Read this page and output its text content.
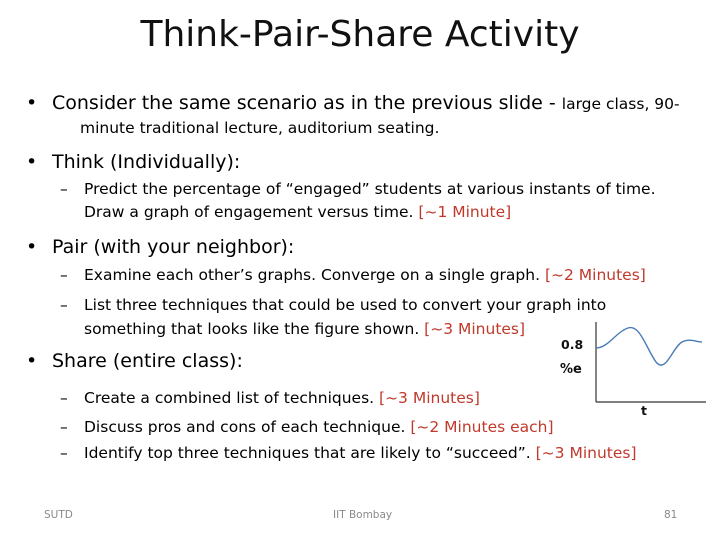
Think-Pair-Share Activity
• Consider the same scenario as in the previous slide - large class, 90-
minute traditional lecture, auditorium seating.
• Think (Individually):
– Predict the percentage of “engaged” students at various instants of time.
Draw a graph of engagement versus time. [~1 Minute]
• Pair (with your neighbor):
– Examine each other’s graphs. Converge on a single graph. [~2 Minutes]
– List three techniques that could be used to convert your graph into
something that looks like the figure shown. [~3 Minutes]
• Share (entire class):
– Create a combined list of techniques. [~3 Minutes]
– Discuss pros and cons of each technique. [~2 Minutes each]
– Identify top three techniques that are likely to “succeed”. [~3 Minutes]
0.8
%e
t
SUTD	IIT Bombay	81
